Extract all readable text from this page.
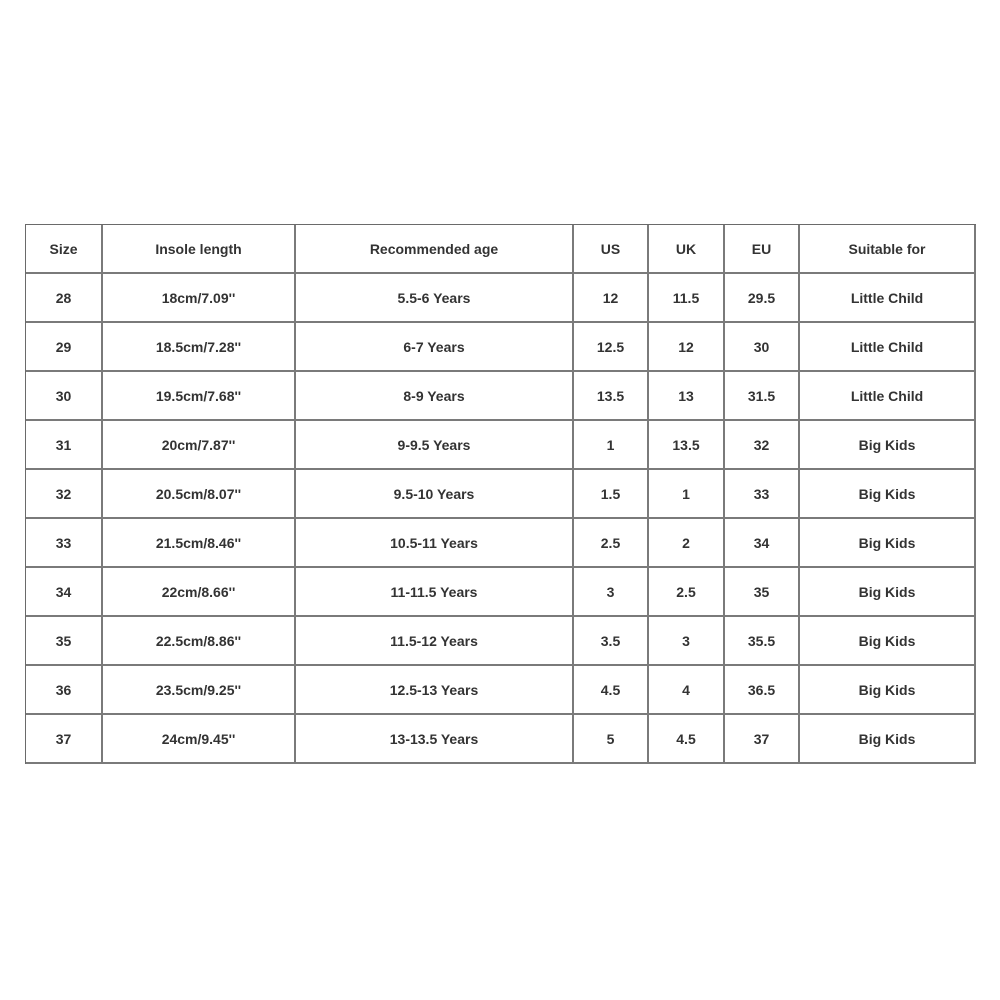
Size	Insole length	Recommended age	US	UK	EU	Suitable for
28	18cm/7.09''	5.5-6 Years	12	11.5	29.5	Little Child
29	18.5cm/7.28''	6-7 Years	12.5	12	30	Little Child
30	19.5cm/7.68''	8-9 Years	13.5	13	31.5	Little Child
31	20cm/7.87''	9-9.5 Years	1	13.5	32	Big Kids
32	20.5cm/8.07''	9.5-10 Years	1.5	1	33	Big Kids
33	21.5cm/8.46''	10.5-11 Years	2.5	2	34	Big Kids
34	22cm/8.66''	11-11.5 Years	3	2.5	35	Big Kids
35	22.5cm/8.86''	11.5-12 Years	3.5	3	35.5	Big Kids
36	23.5cm/9.25''	12.5-13 Years	4.5	4	36.5	Big Kids
37	24cm/9.45''	13-13.5 Years	5	4.5	37	Big Kids
